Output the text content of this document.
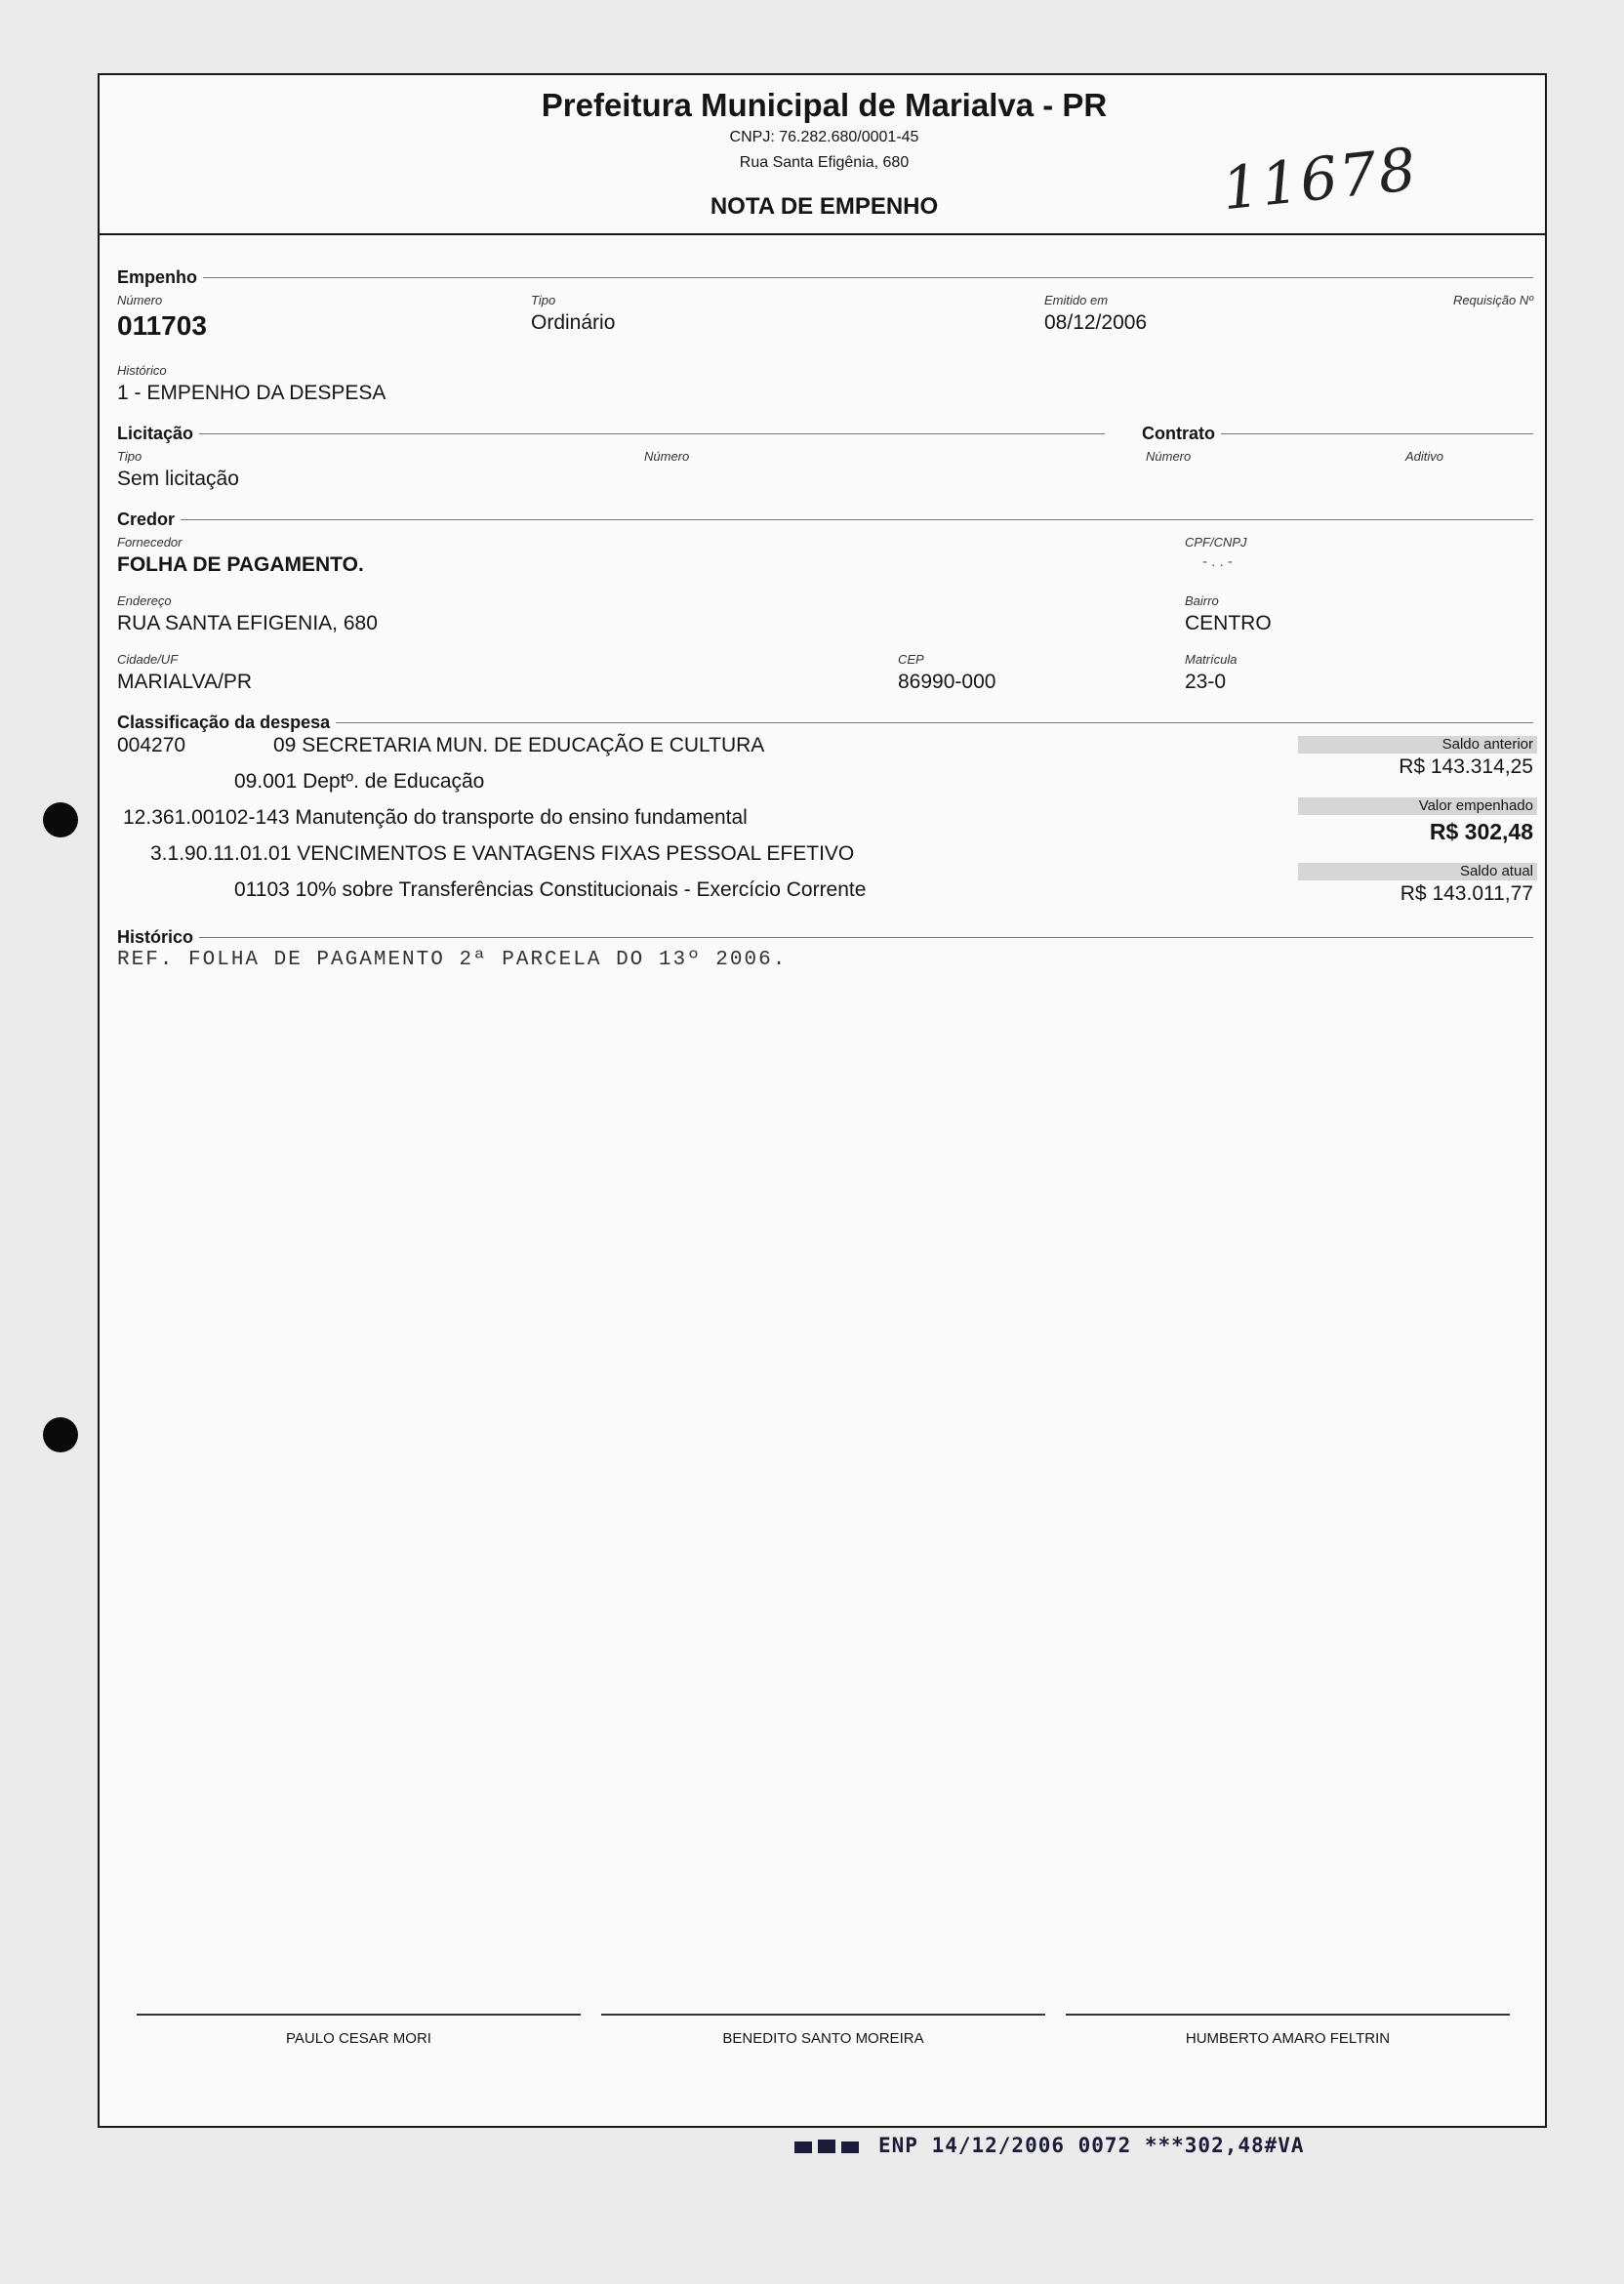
Prefeitura Municipal de Marialva - PR
CNPJ: 76.282.680/0001-45
Rua Santa Efigênia, 680
NOTA DE EMPENHO	11678
Empenho
Número
011703
Tipo
Ordinário
Emitido em
08/12/2006
Requisição Nº
Histórico
1 - EMPENHO DA DESPESA
Licitação
Tipo
Sem licitação
Número
Contrato
Número	Aditivo
Credor
Fornecedor
FOLHA DE PAGAMENTO.
CPF/CNPJ
- . . -
Endereço
RUA SANTA EFIGENIA, 680
Bairro
CENTRO
Cidade/UF
MARIALVA/PR
CEP
86990-000
Matrícula
23-0
Classificação da despesa
004270	09 SECRETARIA MUN. DE EDUCAÇÃO E CULTURA
09.001 Deptº. de Educação
12.361.00102-143 Manutenção do transporte do ensino fundamental
3.1.90.11.01.01 VENCIMENTOS E VANTAGENS FIXAS PESSOAL EFETIVO
01103 10% sobre Transferências Constitucionais - Exercício Corrente
Saldo anterior
R$ 143.314,25
Valor empenhado
R$ 302,48
Saldo atual
R$ 143.011,77
Histórico
REF. FOLHA DE PAGAMENTO 2ª PARCELA DO 13º 2006.
PAULO CESAR MORI	BENEDITO SANTO MOREIRA	HUMBERTO AMARO FELTRIN
ENP 14/12/2006 0072 ***302,48#VA
